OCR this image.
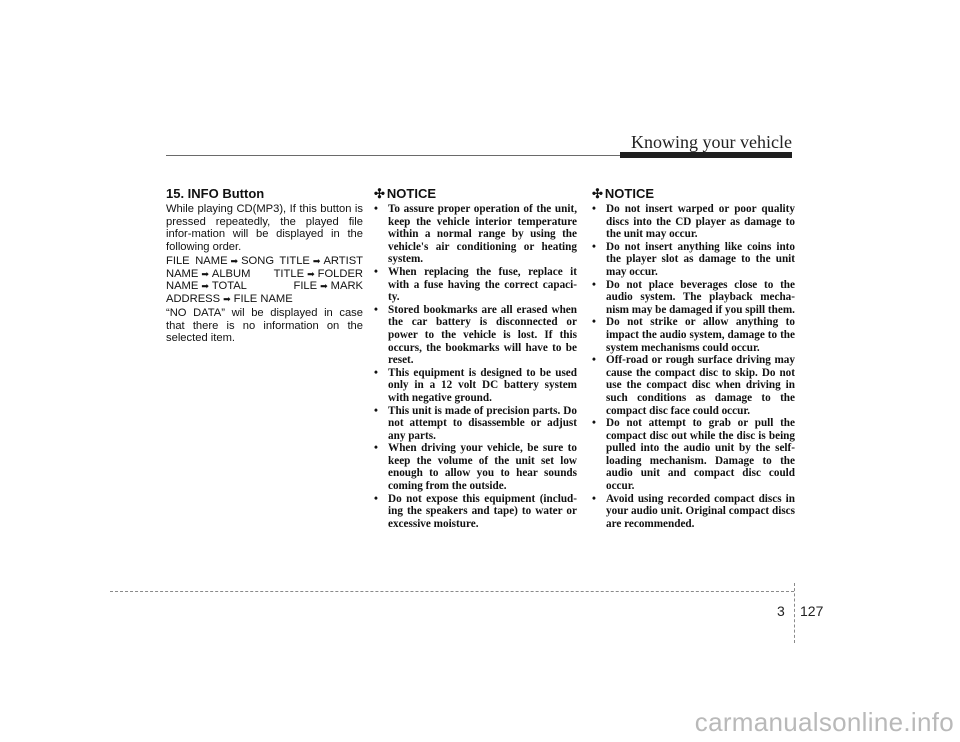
Knowing your vehicle
15. INFO Button

While playing CD(MP3), If this button is pressed repeatedly, the played file infor-mation will be displayed in the following order.

FILE NAME ➡ SONG TITLE ➡ ARTIST NAME ➡ ALBUM TITLE ➡ FOLDER NAME ➡ TOTAL FILE ➡ MARK ADDRESS ➡ FILE NAME

“NO DATA” wil be displayed in case that there is no information on the selected item.

✣ NOTICE
• To assure proper operation of the unit, keep the vehicle interior temperature within a normal range by using the vehicle's air conditioning or heating system.
• When replacing the fuse, replace it with a fuse having the correct capaci-ty.
• Stored bookmarks are all erased when the car battery is disconnected or power to the vehicle is lost. If this occurs, the bookmarks will have to be reset.
• This equipment is designed to be used only in a 12 volt DC battery system with negative ground.
• This unit is made of precision parts. Do not attempt to disassemble or adjust any parts.
• When driving your vehicle, be sure to keep the volume of the unit set low enough to allow you to hear sounds coming from the outside.
• Do not expose this equipment (includ-ing the speakers and tape) to water or excessive moisture.
✣ NOTICE
• Do not insert warped or poor quality discs into the CD player as damage to the unit may occur.
• Do not insert anything like coins into the player slot as damage to the unit may occur.
• Do not place beverages close to the audio system. The playback mecha-nism may be damaged if you spill them.
• Do not strike or allow anything to impact the audio system, damage to the system mechanisms could occur.
• Off-road or rough surface driving may cause the compact disc to skip. Do not use the compact disc when driving in such conditions as damage to the compact disc face could occur.
• Do not attempt to grab or pull the compact disc out while the disc is being pulled into the audio unit by the self-loading mechanism. Damage to the audio unit and compact disc could occur.
• Avoid using recorded compact discs in your audio unit. Original compact discs are recommended.
3 127
carmanualsonline.info
